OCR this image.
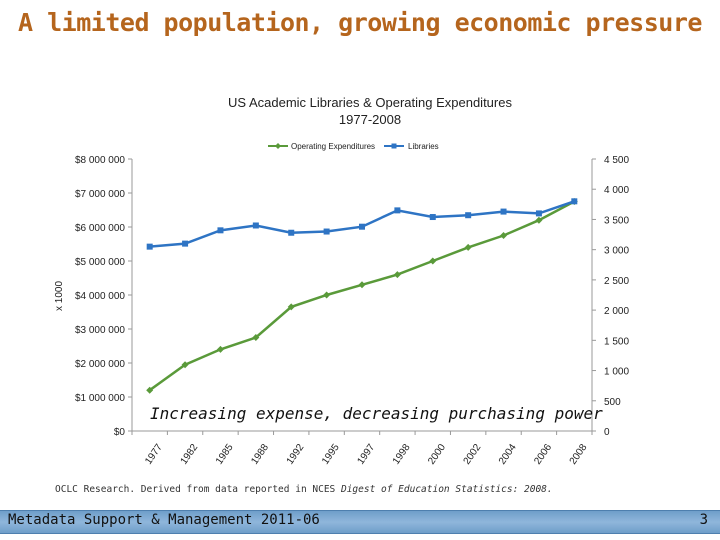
A limited population, growing economic pressure
US Academic Libraries & Operating Expenditures
1977-2008
$0
$1 000 000
$2 000 000
$3 000 000
$4 000 000
$5 000 000
$6 000 000
$7 000 000
$8 000 000
0
500
1 000
1 500
2 000
2 500
3 000
3 500
4 000
4 500
1977 1982 1985 1988 1992 1995 1997 1998 2000 2002 2004 2006 2008
x 1000
Operating Expenditures	Libraries
Increasing expense, decreasing purchasing power
OCLC Research. Derived from data reported in NCES Digest of Education Statistics: 2008.
Metadata Support & Management 2011-06	3
